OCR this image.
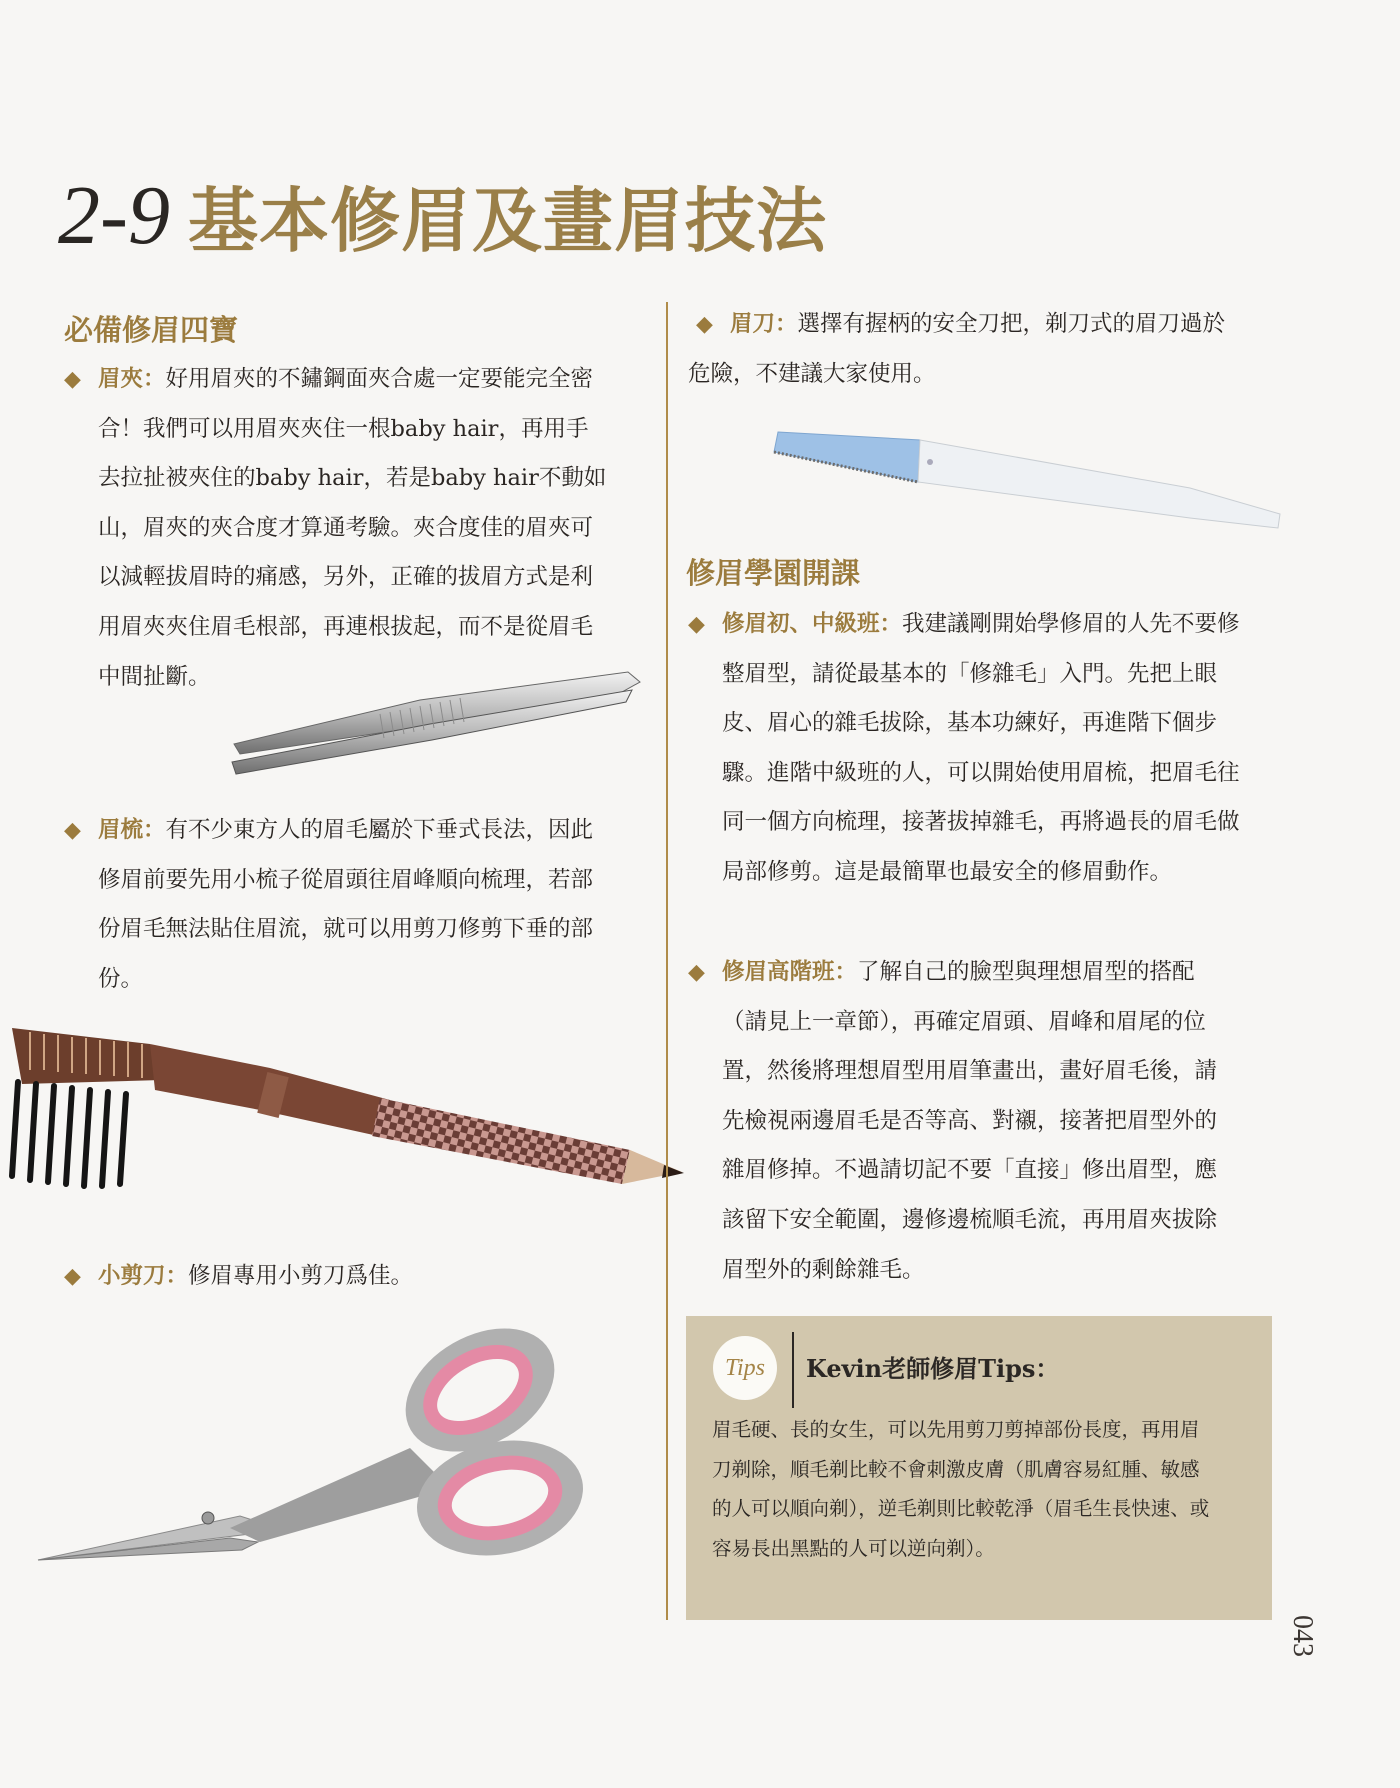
2-9 基本修眉及畫眉技法
必備修眉四寶
◆ 眉夾：好用眉夾的不鏽鋼面夾合處一定要能完全密

合！我們可以用眉夾夾住一根baby hair，再用手

去拉扯被夾住的baby hair，若是baby hair不動如

山，眉夾的夾合度才算通考驗。夾合度佳的眉夾可

以減輕拔眉時的痛感，另外，正確的拔眉方式是利

用眉夾夾住眉毛根部，再連根拔起，而不是從眉毛

中間扯斷。

◆ 眉梳：有不少東方人的眉毛屬於下垂式長法，因此

修眉前要先用小梳子從眉頭往眉峰順向梳理，若部

份眉毛無法貼住眉流，就可以用剪刀修剪下垂的部

份。

◆ 小剪刀：修眉專用小剪刀爲佳。

◆ 眉刀：選擇有握柄的安全刀把，剃刀式的眉刀過於

危險，不建議大家使用。

修眉學園開課
◆ 修眉初、中級班：我建議剛開始學修眉的人先不要修

整眉型，請從最基本的「修雜毛」入門。先把上眼

皮、眉心的雜毛拔除，基本功練好，再進階下個步

驟。進階中級班的人，可以開始使用眉梳，把眉毛往

同一個方向梳理，接著拔掉雜毛，再將過長的眉毛做

局部修剪。這是最簡單也最安全的修眉動作。

◆ 修眉高階班：了解自己的臉型與理想眉型的搭配

（請見上一章節），再確定眉頭、眉峰和眉尾的位

置，然後將理想眉型用眉筆畫出，畫好眉毛後，請

先檢視兩邊眉毛是否等高、對襯，接著把眉型外的

雜眉修掉。不過請切記不要「直接」修出眉型，應

該留下安全範圍，邊修邊梳順毛流，再用眉夾拔除

眉型外的剩餘雜毛。

Tips	Kevin老師修眉Tips：
眉毛硬、長的女生，可以先用剪刀剪掉部份長度，再用眉
刀剃除，順毛剃比較不會刺激皮膚（肌膚容易紅腫、敏感
的人可以順向剃），逆毛剃則比較乾淨（眉毛生長快速、或
容易長出黑點的人可以逆向剃）。
043
